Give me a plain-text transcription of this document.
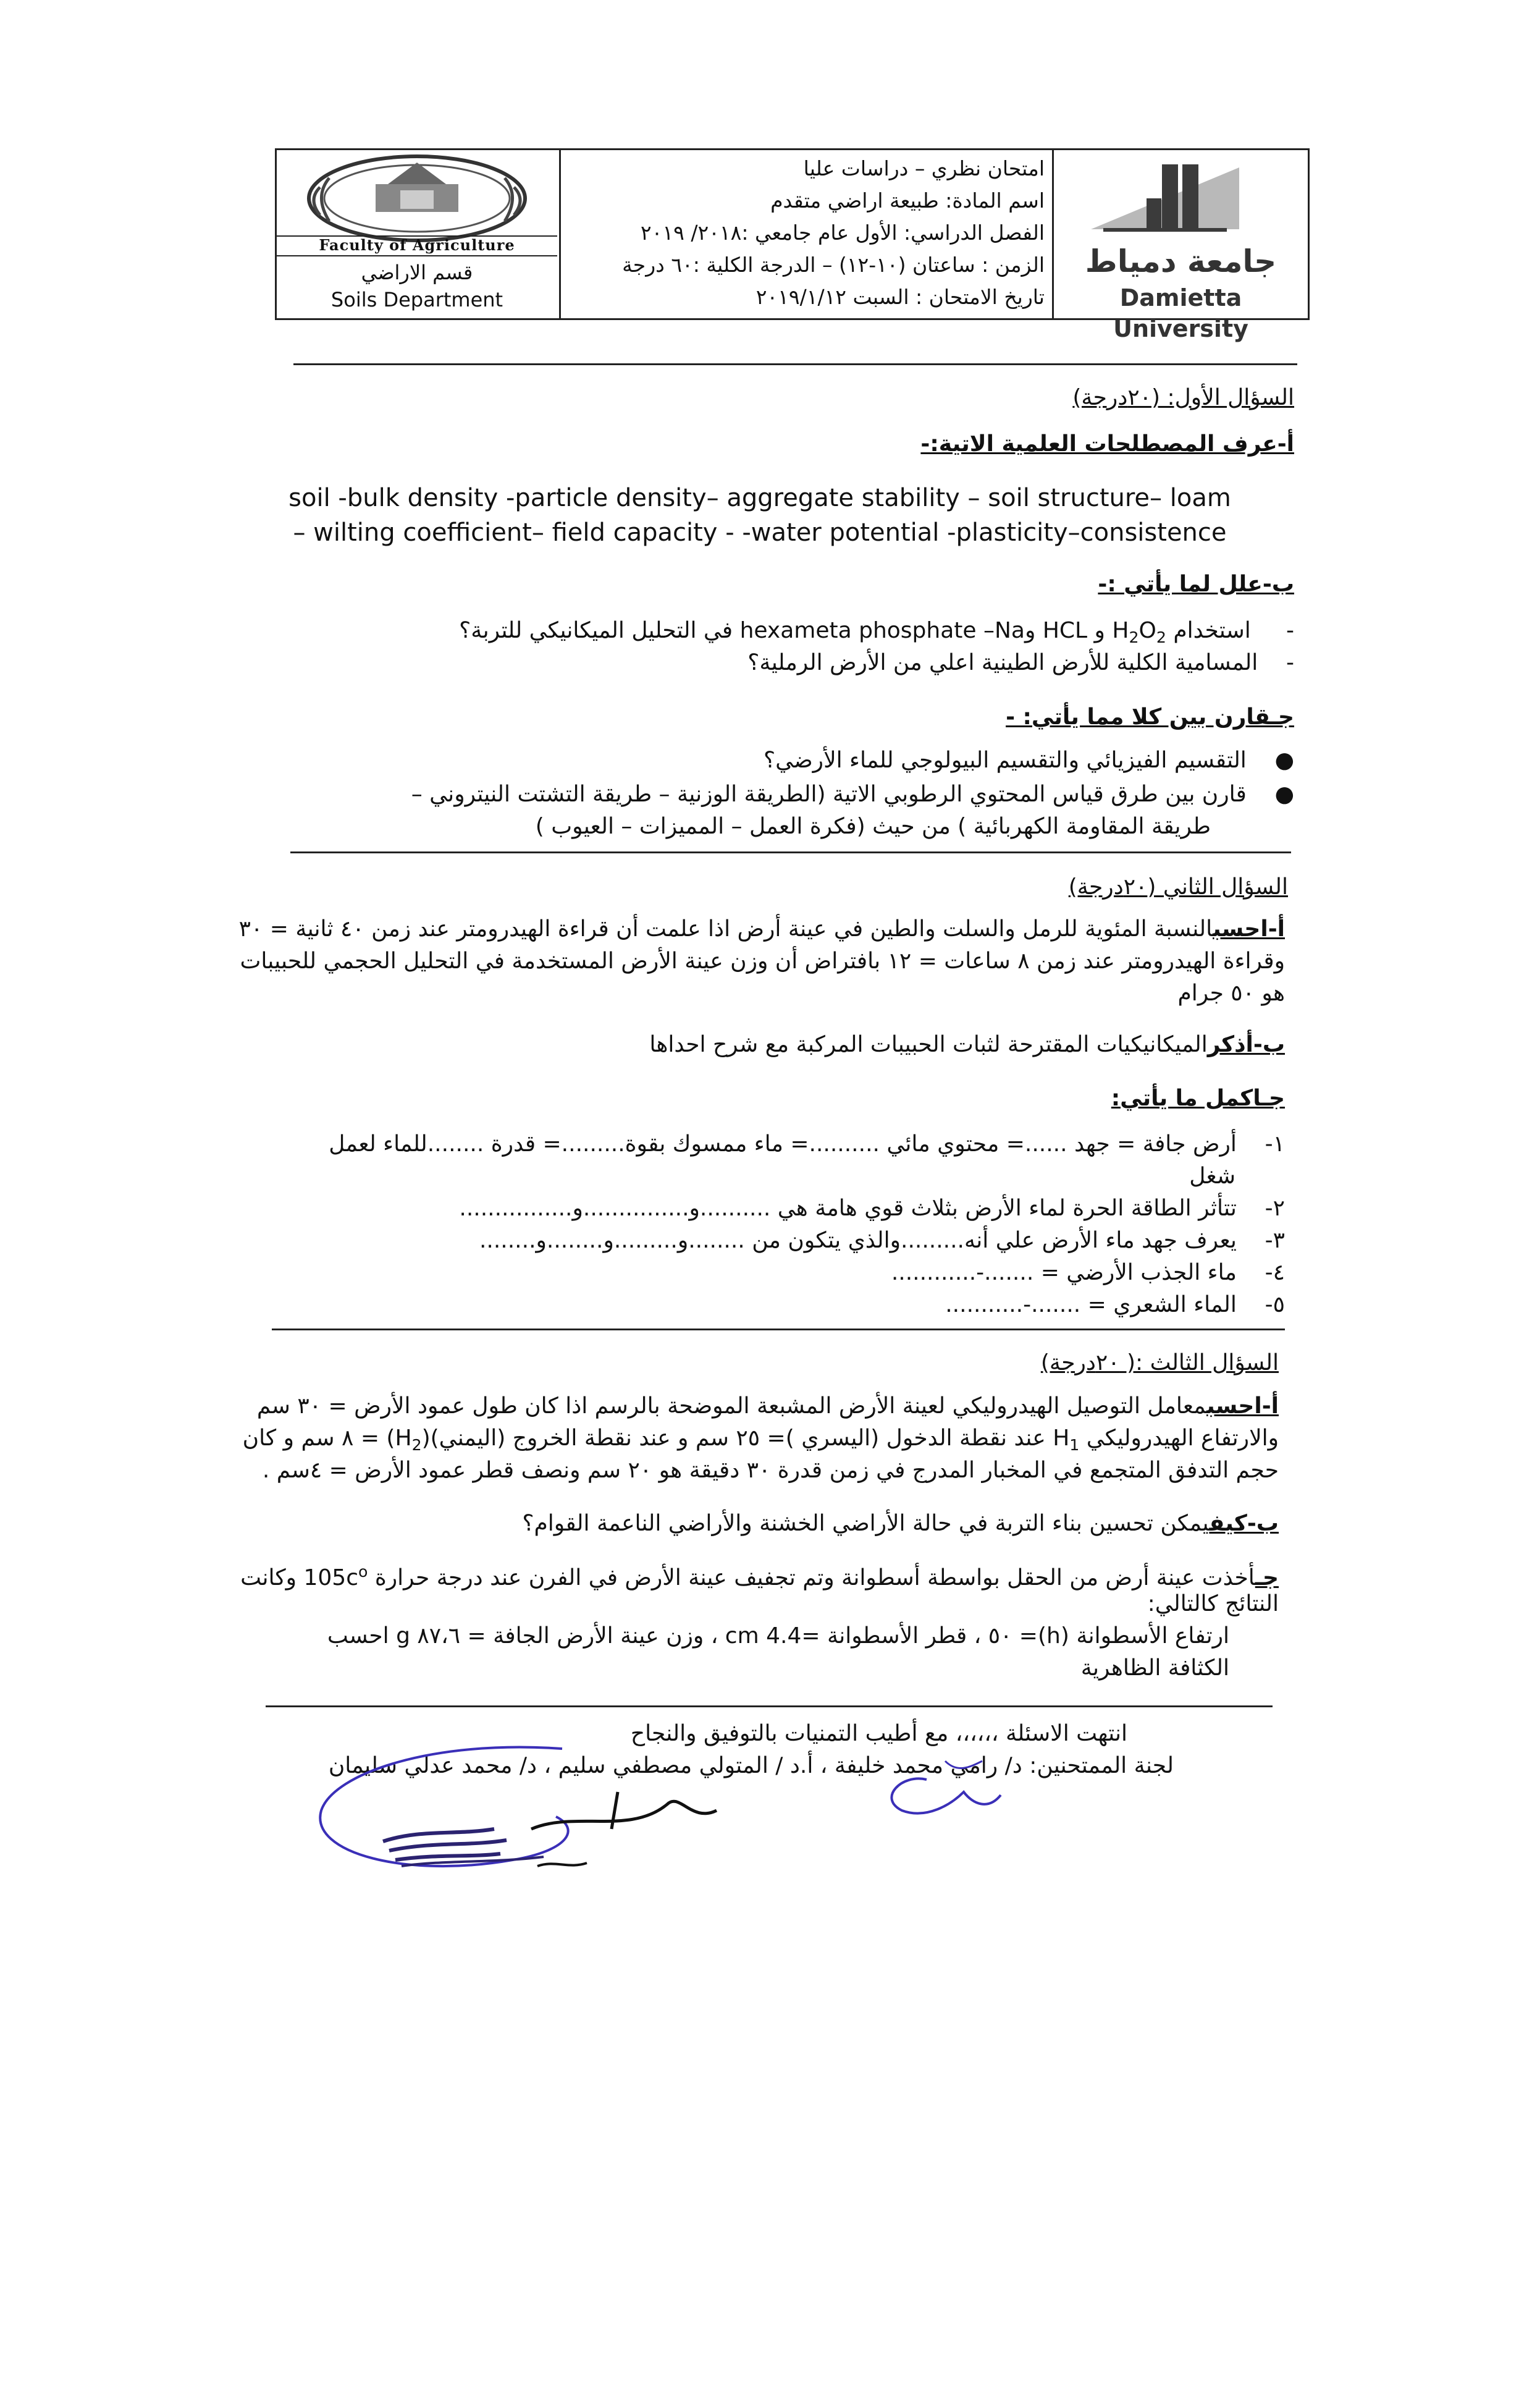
Faculty of Agriculture
قسم الاراضي
Soils Department
امتحان نظري – دراسات عليا
اسم المادة: طبيعة اراضي متقدم
الفصل الدراسي: الأول عام جامعي :٢٠١٨/ ٢٠١٩
الزمن : ساعتان (١٠-١٢) – الدرجة الكلية :٦٠ درجة
تاريخ الامتحان : السبت ٢٠١٩/١/١٢
جامعة دمياط
Damietta University
السؤال الأول: (٢٠درجة)
أ-عرف المصطلحات العلمية الاتية:-
soil -bulk density -particle density– aggregate stability – soil structure– loam
– wilting coefficient– field capacity - -water potential -plasticity–consistence
ب-علل لما يأتي :-
-     استخدام $H_2O_2$ و HCL وhexameta phosphate –Na في التحليل الميكانيكي للتربة؟
-    المسامية الكلية للأرض الطينية اعلي من الأرض الرملية؟
جـقارن بين كلا مما يأتي: -
●    التقسيم الفيزيائي والتقسيم البيولوجي للماء الأرضي؟
●    قارن بين طرق قياس المحتوي الرطوبي الاتية (الطريقة الوزنية – طريقة التشتت النيتروني –
طريقة المقاومة الكهربائية ) من حيث (فكرة العمل – المميزات – العيوب )
السؤال الثاني (٢٠درجة)
أ-احسبالنسبة المئوية للرمل والسلت والطين في عينة أرض اذا علمت أن قراءة الهيدرومتر عند زمن ٤٠ ثانية = ٣٠
وقراءة الهيدرومتر عند زمن ٨ ساعات = ١٢ بافتراض أن وزن عينة الأرض المستخدمة في التحليل الحجمي للحبيبات
هو ٥٠ جرام
ب-أذكرالميكانيكيات المقترحة لثبات الحبيبات المركبة مع شرح احداها
جـاكمل ما يأتي:
١-    أرض جافة = جهد ......= محتوي مائي ..........= ماء ممسوك بقوة.........= قدرة ........للماء لعمل
شغل
٢-    تتأثر الطاقة الحرة لماء الأرض بثلاث قوي هامة هي ..........و...............و................
٣-    يعرف جهد ماء الأرض علي أنه.........والذي يتكون من ........و.........و........و........
٤-    ماء الجذب الأرضي = .......-............
٥-    الماء الشعري = .......-...........
السؤال الثالث :( ٢٠درجة)
أ-احسبمعامل التوصيل الهيدروليكي لعينة الأرض المشبعة الموضحة بالرسم اذا كان طول عمود الأرض = ٣٠ سم
والارتفاع الهيدروليكي $H_1$ عند نقطة الدخول (اليسري )= ٢٥ سم و عند نقطة الخروج $(اليمني)(H_2)$ = ٨ سم و كان
حجم التدفق المتجمع في المخبار المدرج في زمن قدرة ٣٠ دقيقة هو ٢٠ سم ونصف قطر عمود الأرض = ٤سم .
ب-كيفيمكن تحسين بناء التربة في حالة الأراضي الخشنة والأراضي الناعمة القوام؟
جـأخذت عينة أرض من الحقل بواسطة أسطوانة وتم تجفيف عينة الأرض في الفرن عند درجة حرارة $105c^o$ وكانت
النتائج كالتالي:
ارتفاع الأسطوانة (h)= ٥٠ ، قطر الأسطوانة =4.4 cm ، وزن عينة الأرض الجافة = ٨٧،٦ g احسب
الكثافة الظاهرية
انتهت الاسئلة ،،،،،، مع أطيب التمنيات بالتوفيق والنجاح
لجنة الممتحنين: د/ رامي محمد خليفة ، أ.د / المتولي مصطفي سليم ، د/ محمد عدلي سليمان
